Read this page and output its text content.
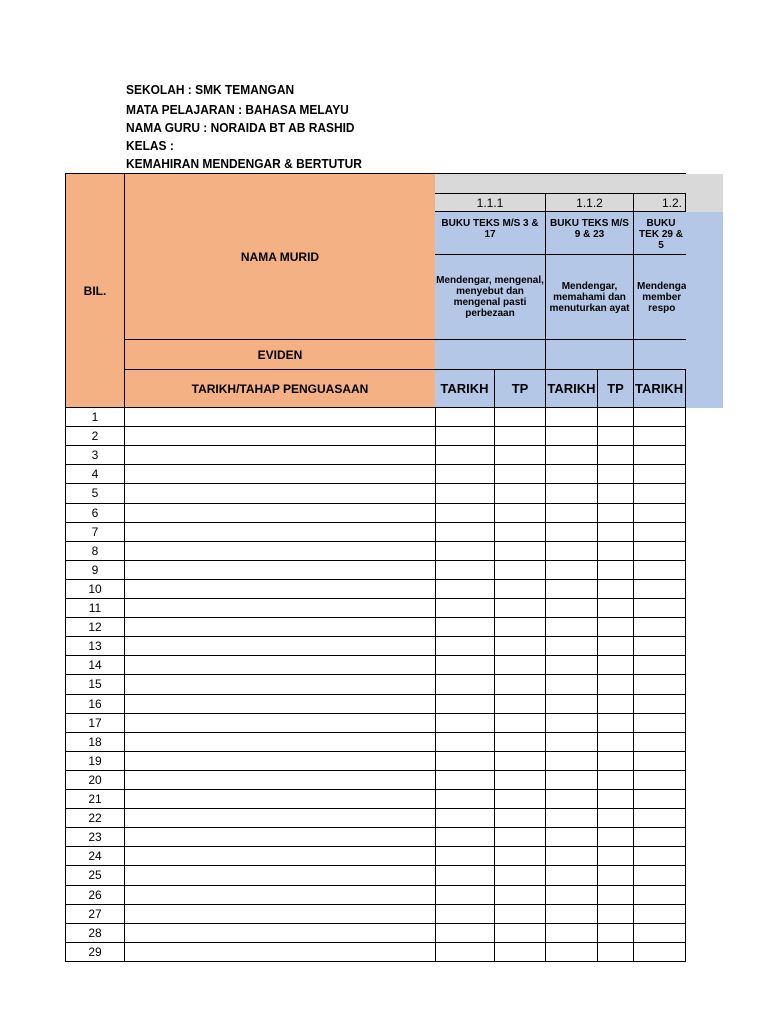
SEKOLAH : SMK TEMANGAN
MATA PELAJARAN : BAHASA MELAYU
NAMA GURU : NORAIDA BT AB RASHID
KELAS :
KEMAHIRAN MENDENGAR & BERTUTUR
BIL.
NAMA MURID
EVIDEN
TARIKH/TAHAP PENGUASAAN
1.1.1	1.1.2	1.2.
BUKU TEKS M/S 3 & 17
BUKU TEKS M/S 9 & 23
BUKU TEK 29 & 5
Mendengar, mengenal, menyebut dan mengenal pasti perbezaan
Mendengar, memahami dan menuturkan ayat
Mendenga member respo
TARIKH TP TARIKH TP TARIKH
1
2
3
4
5
6
7
8
9
10
11
12
13
14
15
16
17
18
19
20
21
22
23
24
25
26
27
28
29
